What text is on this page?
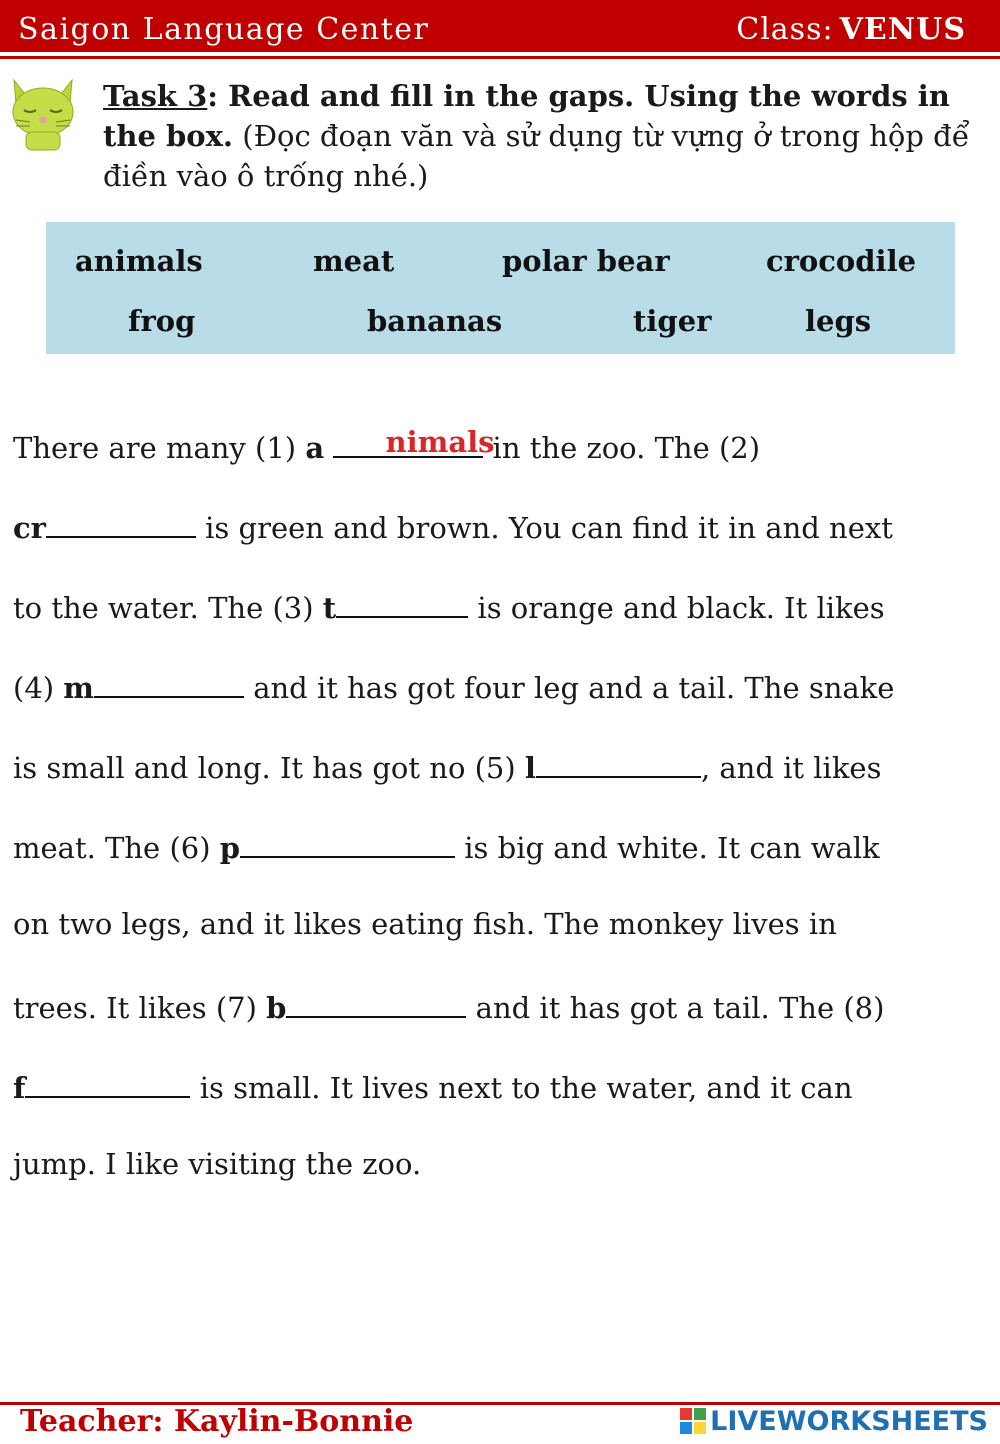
Saigon Language Center	Class: VENUS
Task 3: Read and fill in the gaps. Using the words in the box. (Đọc đoạn văn và sử dụng từ vựng ở trong hộp để điền vào ô trống nhé.)
animals	meat	polar bear	crocodile
frog	bananas	tiger	legs
There are many (1) a	in the zoo. The (2)
nimals
cr	is green and brown. You can find it in and next
to the water. The (3) t	is orange and black. It likes
(4) m	and it has got four leg and a tail. The snake
is small and long. It has got no (5) l	, and it likes
meat. The (6) p	is big and white. It can walk
on two legs, and it likes eating fish. The monkey lives in
trees. It likes (7) b	and it has got a tail. The (8)
f	is small. It lives next to the water, and it can
jump. I like visiting the zoo.
Teacher: Kaylin-Bonnie	LIVEWORKSHEETS
